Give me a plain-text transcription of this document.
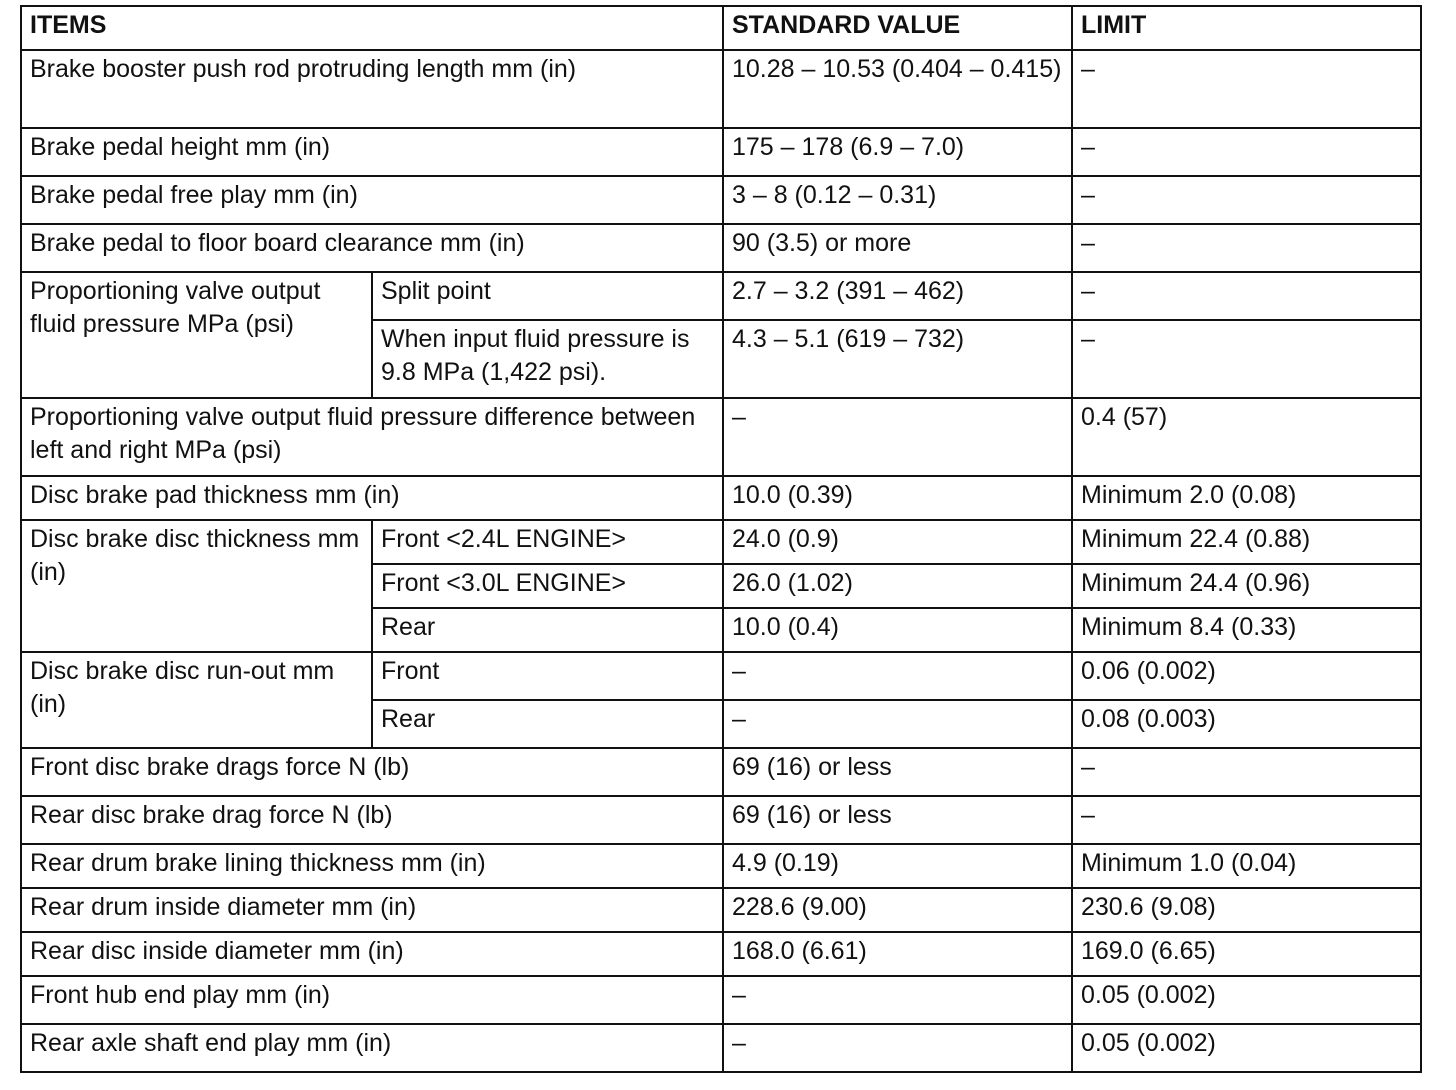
ITEMS		STANDARD VALUE	LIMIT
Brake booster push rod protruding length mm (in)		10.28 – 10.53 (0.404 – 0.415)	–
Brake pedal height mm (in)		175 – 178 (6.9 – 7.0)	–
Brake pedal free play mm (in)		3 – 8 (0.12 – 0.31)	–
Brake pedal to floor board clearance mm (in)		90 (3.5) or more	–
Proportioning valve output fluid pressure MPa (psi)	Split point	2.7 – 3.2 (391 – 462)	–
	When input fluid pressure is 9.8 MPa (1,422 psi).	4.3 – 5.1 (619 – 732)	–
Proportioning valve output fluid pressure difference between left and right MPa (psi)		–	0.4 (57)
Disc brake pad thickness mm (in)		10.0 (0.39)	Minimum 2.0 (0.08)
Disc brake disc thickness mm (in)	Front <2.4L ENGINE>	24.0 (0.9)	Minimum 22.4 (0.88)
	Front <3.0L ENGINE>	26.0 (1.02)	Minimum 24.4 (0.96)
	Rear	10.0 (0.4)	Minimum 8.4 (0.33)
Disc brake disc run-out mm (in)	Front	–	0.06 (0.002)
	Rear	–	0.08 (0.003)
Front disc brake drags force N (lb)		69 (16) or less	–
Rear disc brake drag force N (lb)		69 (16) or less	–
Rear drum brake lining thickness mm (in)		4.9 (0.19)	Minimum 1.0 (0.04)
Rear drum inside diameter mm (in)		228.6 (9.00)	230.6 (9.08)
Rear disc inside diameter mm (in)		168.0 (6.61)	169.0 (6.65)
Front hub end play mm (in)		–	0.05 (0.002)
Rear axle shaft end play mm (in)		–	0.05 (0.002)
